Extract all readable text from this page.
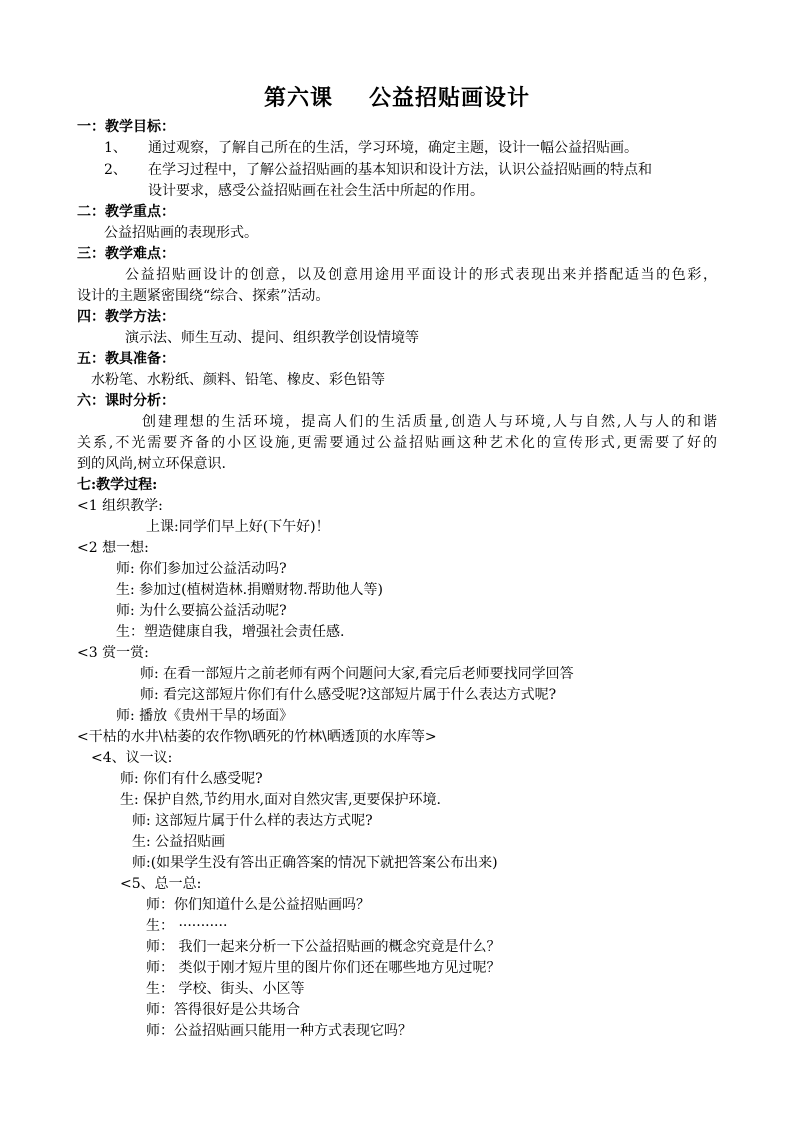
第六课 公益招贴画设计
一：教学目标：
1、 通过观察，了解自己所在的生活，学习环境，确定主题，设计一幅公益招贴画。
2、 在学习过程中，了解公益招贴画的基本知识和设计方法，认识公益招贴画的特点和
设计要求，感受公益招贴画在社会生活中所起的作用。
二：教学重点：
公益招贴画的表现形式。
三：教学难点：
公益招贴画设计的创意，以及创意用途用平面设计的形式表现出来并搭配适当的色彩，
设计的主题紧密围绕“综合、探索”活动。
四：教学方法：
演示法、师生互动、提问、组织教学创设情境等
五：教具准备：
水粉笔、水粉纸、颜料、铅笔、橡皮、彩色铅等
六：课时分析：
创建理想的生活环境，提高人们的生活质量,创造人与环境,人与自然,人与人的和谐
关系,不光需要齐备的小区设施,更需要通过公益招贴画这种艺术化的宣传形式,更需要了好的
到的风尚,树立环保意识.
七:教学过程:
<1 组织教学:
上课:同学们早上好(下午好)！
<2 想一想:
师: 你们参加过公益活动吗?
生: 参加过(植树造林.捐赠财物.帮助他人等)
师: 为什么要搞公益活动呢?
生：塑造健康自我，增强社会责任感.
<3 赏一赏:
师: 在看一部短片之前老师有两个问题问大家,看完后老师要找同学回答
师: 看完这部短片你们有什么感受呢?这部短片属于什么表达方式呢?
师: 播放《贵州干旱的场面》
<干枯的水井\枯萎的农作物\晒死的竹林\晒透顶的水库等>
<4、议一议:
师: 你们有什么感受呢?
生: 保护自然,节约用水,面对自然灾害,更要保护环境.
师: 这部短片属于什么样的表达方式呢?
生: 公益招贴画
师:(如果学生没有答出正确答案的情况下就把答案公布出来)
<5、总一总:
师：你们知道什么是公益招贴画吗？
生： ···········
师： 我们一起来分析一下公益招贴画的概念究竟是什么？
师： 类似于刚才短片里的图片你们还在哪些地方见过呢？
生： 学校、街头、小区等
师：答得很好是公共场合
师：公益招贴画只能用一种方式表现它吗？
